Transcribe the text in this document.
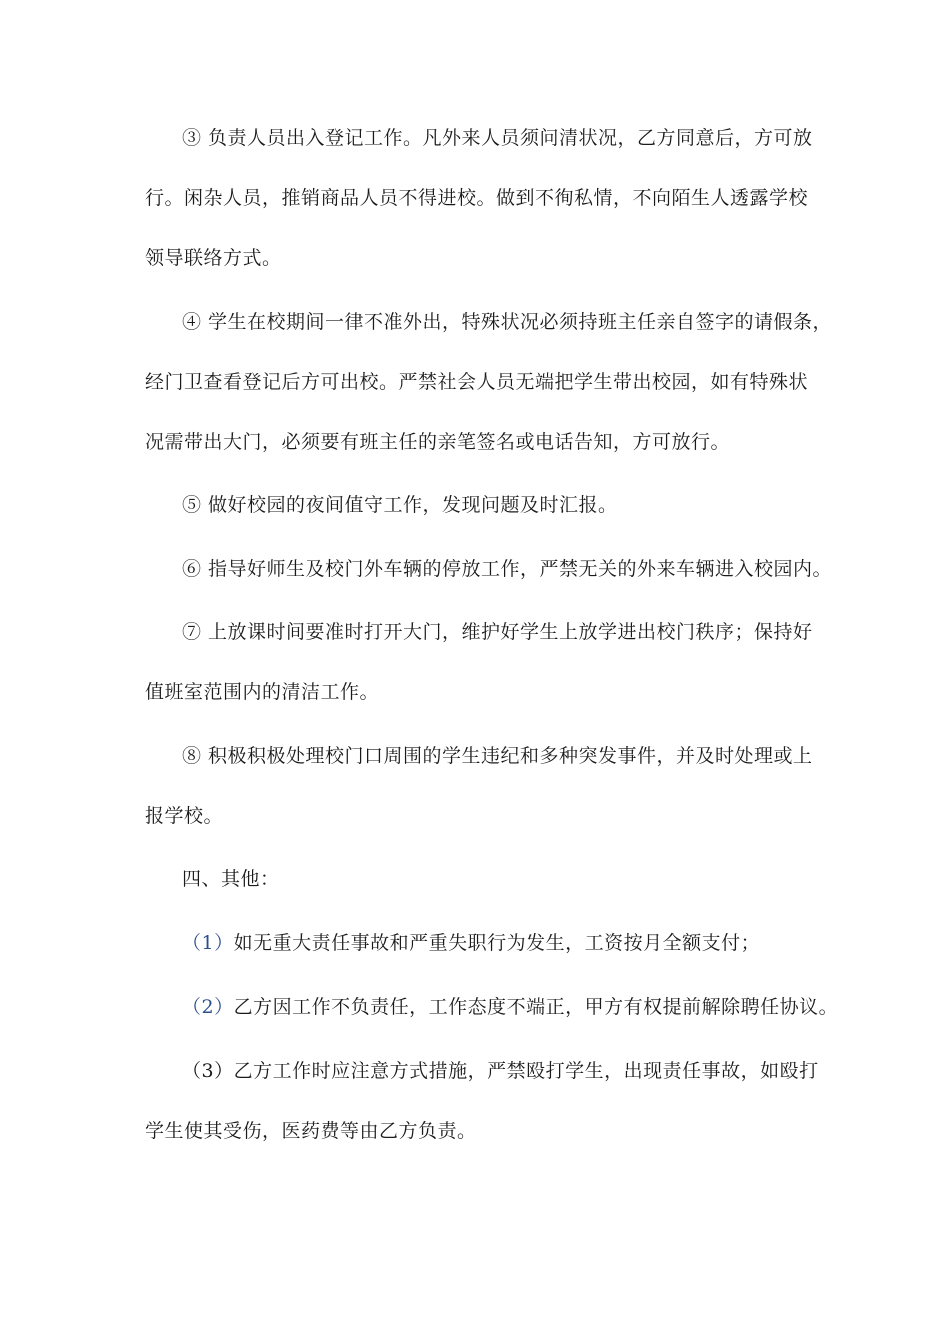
③ 负责人员出入登记工作。凡外来人员须问清状况，乙方同意后，方可放
行。闲杂人员，推销商品人员不得进校。做到不徇私情，不向陌生人透露学校
领导联络方式。
④ 学生在校期间一律不准外出，特殊状况必须持班主任亲自签字的请假条，
经门卫查看登记后方可出校。严禁社会人员无端把学生带出校园，如有特殊状
况需带出大门，必须要有班主任的亲笔签名或电话告知，方可放行。
⑤ 做好校园的夜间值守工作，发现问题及时汇报。
⑥ 指导好师生及校门外车辆的停放工作，严禁无关的外来车辆进入校园内。
⑦ 上放课时间要准时打开大门，维护好学生上放学进出校门秩序；保持好
值班室范围内的清洁工作。
⑧ 积极积极处理校门口周围的学生违纪和多种突发事件，并及时处理或上
报学校。
四、其他：
（1）如无重大责任事故和严重失职行为发生，工资按月全额支付；
（2）乙方因工作不负责任，工作态度不端正，甲方有权提前解除聘任协议。
（3）乙方工作时应注意方式措施，严禁殴打学生，出现责任事故，如殴打
学生使其受伤，医药费等由乙方负责。
